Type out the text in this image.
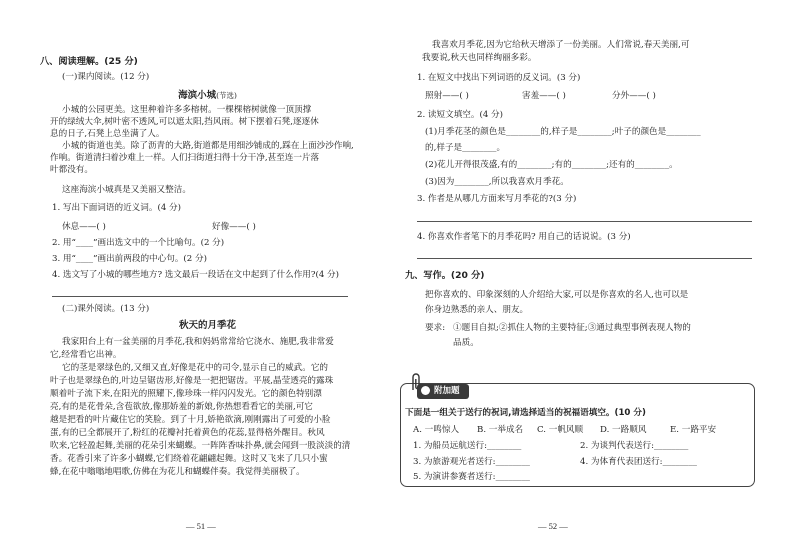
八、阅读理解。(25 分)
(一)课内阅读。(12 分)
海滨小城(节选)
小城的公园更美。这里种着许多多榕树。一棵棵榕树就像一顶顶撑
开的绿绒大伞,树叶密不透风,可以遮太阳,挡风雨。树下摆着石凳,逐逐休
息的日子,石凳上总坐满了人。
小城的街道也美。除了沥青的大路,街道都是用细沙铺成的,踩在上面沙沙作响,
作响。街道清扫着沙难上一样。人们扫街道扫得十分干净,甚至连一片落
叶都没有。
这座海滨小城真是又美丽又整洁。
1. 写出下面词语的近义词。(4 分)
休息——( )	好像——( )
2. 用“____”画出选文中的一个比喻句。(2 分)
3. 用“____”画出前两段的中心句。(2 分)
4. 选文写了小城的哪些地方? 选文最后一段话在文中起到了什么作用?(4 分)
(二)课外阅读。(13 分)
秋天的月季花
我家阳台上有一盆美丽的月季花,我和妈妈常常给它浇水、施肥,我非常爱
它,经常看它出神。
它的茎是翠绿色的,又细又直,好像是花中的司令,显示自己的威武。它的
叶子也是翠绿色的,叶边呈锯齿形,好像是一把把锯齿。平展,晶莹透亮的露珠
顺着叶子流下来,在阳光的照耀下,像珍珠一样闪闪发光。它的颜色特别漂
亮,有的是花骨朵,含苞欲放,像那娇羞的新娘,你热想看看它的美丽,可它
越是把看的叶片藏住它的笑脸。到了十月,娇艳欲滴,刚刚露出了可爱的小脸
蛋,有的已全都展开了,粉红的花瓣衬托着黄色的花蕊,显得格外醒目。秋风
吹来,它轻盈起舞,美丽的花朵引来蝴蝶。一阵阵香味扑鼻,就会闻到一股淡淡的清
香。花香引来了许多小蝴蝶,它们绕着花翩翩起舞。这时又飞来了几只小蜜
蜂,在花中嗡嗡地唱歌,仿佛在为花儿和蝴蝶伴奏。我觉得美丽极了。
— 51 —
我喜欢月季花,因为它给秋天增添了一份美丽。人们常说,春天美丽,可
我要说,秋天也同样绚丽多彩。
1. 在短文中找出下列词语的反义词。(3 分)
照射——( )	害羞——( )	分外——( )
2. 读短文填空。(4 分)
(1)月季花茎的颜色是________的,样子是________;叶子的颜色是________
的,样子是________。
(2)花儿开得很茂盛,有的________;有的________;还有的________。
(3)因为________,所以我喜欢月季花。
3. 作者是从哪几方面来写月季花的?(3 分)
4. 你喜欢作者笔下的月季花吗? 用自己的话说说。(3 分)
九、写作。(20 分)
把你喜欢的、印象深刻的人介绍给大家,可以是你喜欢的名人,也可以是
你身边熟悉的亲人、朋友。
要求: ①题目自拟;②抓住人物的主要特征;③通过典型事例表现人物的
品质。
附加题
下面是一组关于送行的祝词,请选择适当的祝福语填空。(10 分)
A. 一鸣惊人 B. 一举成名 C. 一帆风顺 D. 一路顺风	E. 一路平安
1. 为船员远航送行:________	2. 为谈判代表送行:________
3. 为旅游观光者送行:________	4. 为体育代表团送行:________
5. 为演讲参赛者送行:________
— 52 —
